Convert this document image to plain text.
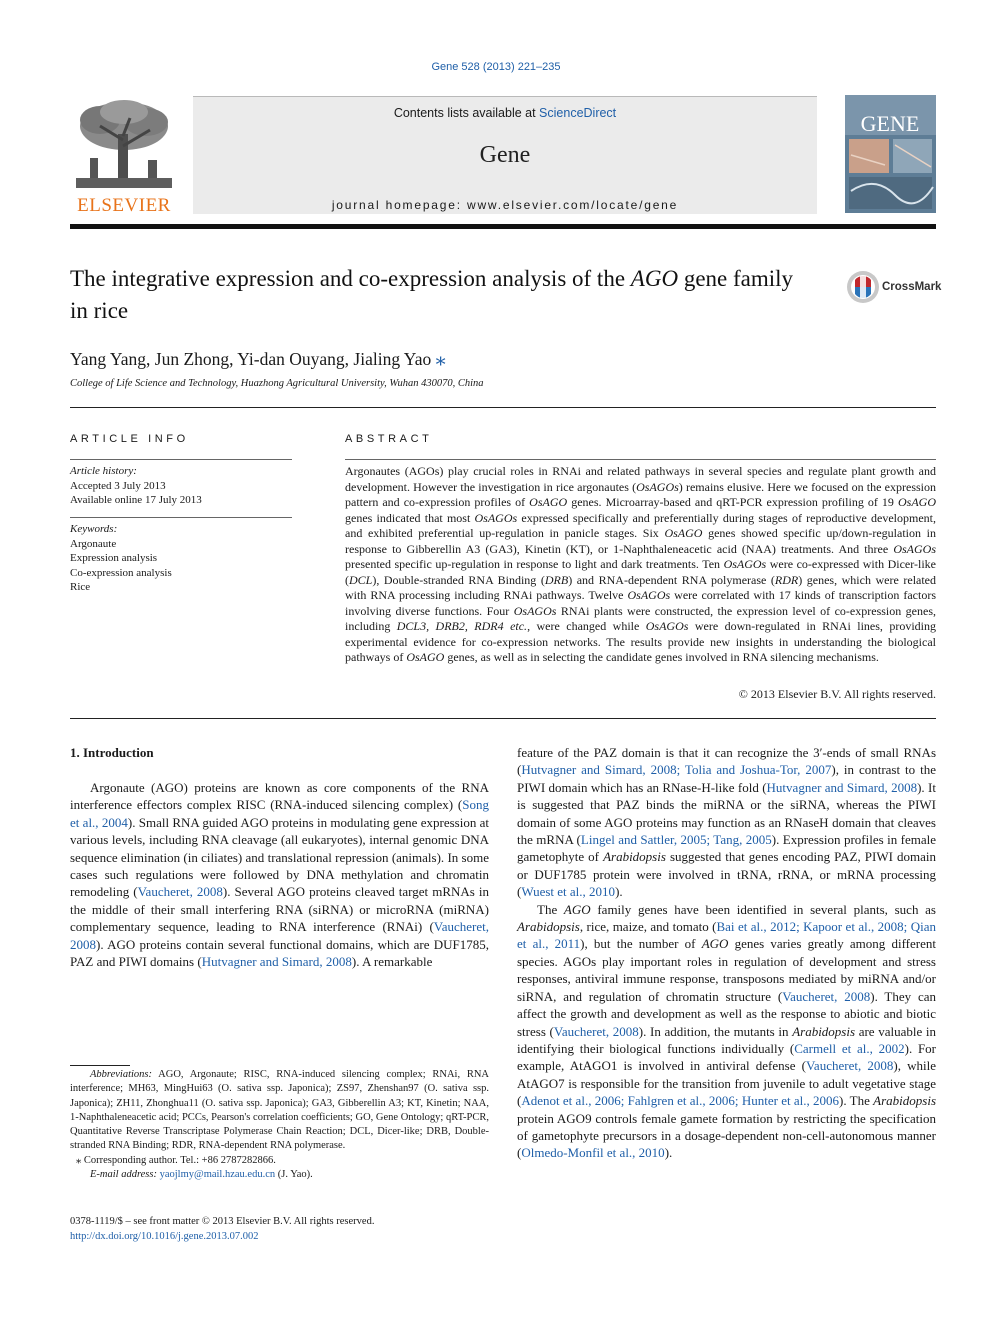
Gene 528 (2013) 221–235
ELSEVIER
Contents lists available at ScienceDirect
Gene
journal homepage: www.elsevier.com/locate/gene
GENE
The integrative expression and co-expression analysis of the AGO gene family in rice
CrossMark
Yang Yang, Jun Zhong, Yi-dan Ouyang, Jialing Yao ⁎
College of Life Science and Technology, Huazhong Agricultural University, Wuhan 430070, China
ARTICLE INFO
Article history:
Accepted 3 July 2013
Available online 17 July 2013
Keywords:
Argonaute
Expression analysis
Co-expression analysis
Rice
ABSTRACT
Argonautes (AGOs) play crucial roles in RNAi and related pathways in several species and regulate plant growth and development. However the investigation in rice argonautes (OsAGOs) remains elusive. Here we focused on the expression pattern and co-expression profiles of OsAGO genes. Microarray-based and qRT-PCR expression profiling of 19 OsAGO genes indicated that most OsAGOs expressed specifically and preferentially during stages of reproductive development, and exhibited preferential up-regulation in panicle stages. Six OsAGO genes showed specific up/down-regulation in response to Gibberellin A3 (GA3), Kinetin (KT), or 1-Naphthaleneacetic acid (NAA) treatments. And three OsAGOs presented specific up-regulation in response to light and dark treatments. Ten OsAGOs were co-expressed with Dicer-like (DCL), Double-stranded RNA Binding (DRB) and RNA-dependent RNA polymerase (RDR) genes, which were related with RNA processing including RNAi pathways. Twelve OsAGOs were correlated with 17 kinds of transcription factors involving diverse functions. Four OsAGOs RNAi plants were constructed, the expression level of co-expression genes, including DCL3, DRB2, RDR4 etc., were changed while OsAGOs were down-regulated in RNAi lines, providing experimental evidence for co-expression networks. The results provide new insights in understanding the biological pathways of OsAGO genes, as well as in selecting the candidate genes involved in RNA silencing mechanisms.
© 2013 Elsevier B.V. All rights reserved.
1. Introduction

Argonaute (AGO) proteins are known as core components of the RNA interference effectors complex RISC (RNA-induced silencing complex) (Song et al., 2004). Small RNA guided AGO proteins in modulating gene expression at various levels, including RNA cleavage (all eukaryotes), internal genomic DNA sequence elimination (in ciliates) and translational repression (animals). In some cases such regulations were followed by DNA methylation and chromatin remodeling (Vaucheret, 2008). Several AGO proteins cleaved target mRNAs in the middle of their small interfering RNA (siRNA) or microRNA (miRNA) complementary sequence, leading to RNA interference (RNAi) (Vaucheret, 2008). AGO proteins contain several functional domains, which are DUF1785, PAZ and PIWI domains (Hutvagner and Simard, 2008). A remarkable

feature of the PAZ domain is that it can recognize the 3′-ends of small RNAs (Hutvagner and Simard, 2008; Tolia and Joshua-Tor, 2007), in contrast to the PIWI domain which has an RNase-H-like fold (Hutvagner and Simard, 2008). It is suggested that PAZ binds the miRNA or the siRNA, whereas the PIWI domain of some AGO proteins may function as an RNaseH domain that cleaves the mRNA (Lingel and Sattler, 2005; Tang, 2005). Expression profiles in female gametophyte of Arabidopsis suggested that genes encoding PAZ, PIWI domain or DUF1785 protein were involved in tRNA, rRNA, or mRNA processing (Wuest et al., 2010).

The AGO family genes have been identified in several plants, such as Arabidopsis, rice, maize, and tomato (Bai et al., 2012; Kapoor et al., 2008; Qian et al., 2011), but the number of AGO genes varies greatly among different species. AGOs play important roles in regulation of development and stress responses, antiviral immune response, transposons mediated by miRNA and/or siRNA, and regulation of chromatin structure (Vaucheret, 2008). They can affect the growth and development as well as the response to abiotic and biotic stress (Vaucheret, 2008). In addition, the mutants in Arabidopsis are valuable in identifying their biological functions individually (Carmell et al., 2002). For example, AtAGO1 is involved in antiviral defense (Vaucheret, 2008), while AtAGO7 is responsible for the transition from juvenile to adult vegetative stage (Adenot et al., 2006; Fahlgren et al., 2006; Hunter et al., 2006). The Arabidopsis protein AGO9 controls female gamete formation by restricting the specification of gametophyte precursors in a dosage-dependent non-cell-autonomous manner (Olmedo-Monfil et al., 2010).

Abbreviations: AGO, Argonaute; RISC, RNA-induced silencing complex; RNAi, RNA interference; MH63, MingHui63 (O. sativa ssp. Japonica); ZS97, Zhenshan97 (O. sativa ssp. Japonica); ZH11, Zhonghua11 (O. sativa ssp. Japonica); GA3, Gibberellin A3; KT, Kinetin; NAA, 1-Naphthaleneacetic acid; PCCs, Pearson's correlation coefficients; GO, Gene Ontology; qRT-PCR, Quantitative Reverse Transcriptase Polymerase Chain Reaction; DCL, Dicer-like; DRB, Double-stranded RNA Binding; RDR, RNA-dependent RNA polymerase.

⁎ Corresponding author. Tel.: +86 2787282866.

E-mail address: yaojlmy@mail.hzau.edu.cn (J. Yao).

0378-1119/$ – see front matter © 2013 Elsevier B.V. All rights reserved.
http://dx.doi.org/10.1016/j.gene.2013.07.002
